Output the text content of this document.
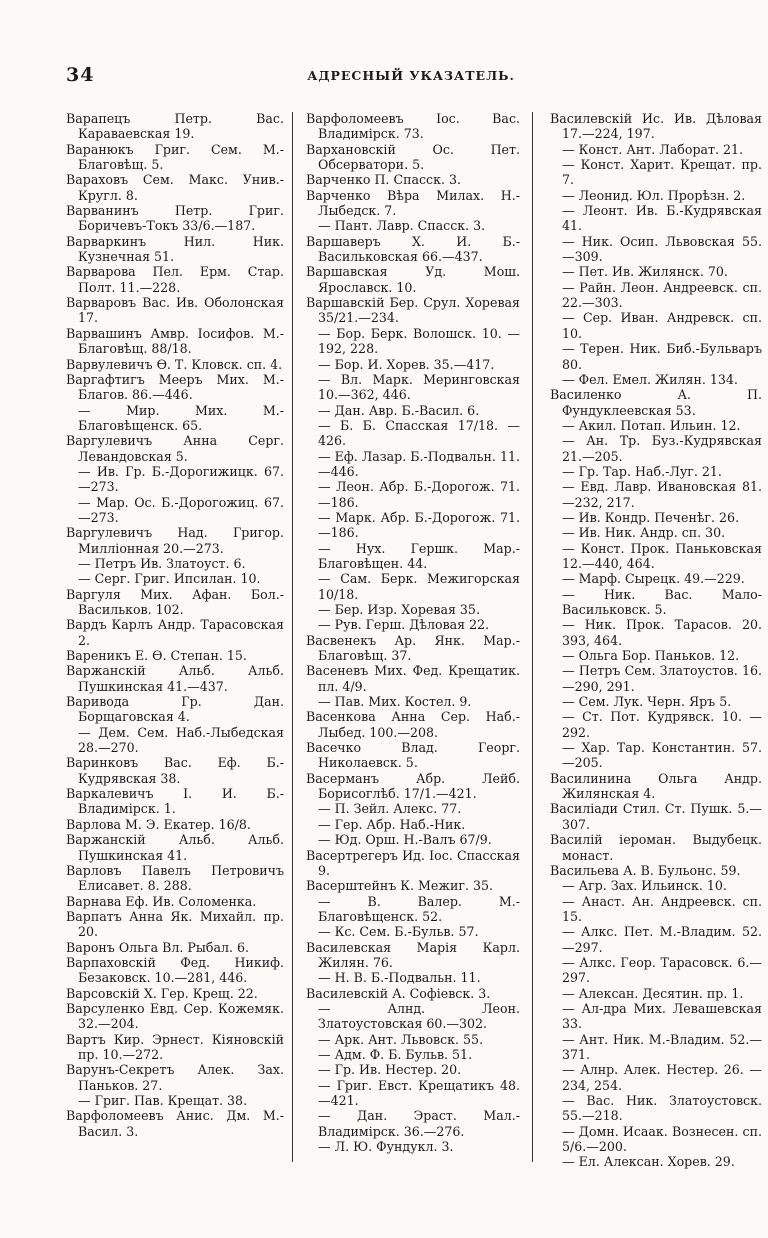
34	АДРЕСНЫЙ УКАЗАТЕЛЬ.

Варапецъ Петр. Вас. Караваевская 19.

Варанюкъ Григ. Сем. М.-Благовѣщ. 5.

Вараховъ Сем. Макс. Унив.-Кругл. 8.

Варванинъ Петр. Григ. Боричевъ-Токъ 33/6.—187.

Варваркинъ Нил. Ник. Кузнечная 51.

Варварова Пел. Ерм. Стар. Полт. 11.—228.

Варваровъ Вас. Ив. Оболонская 17.

Варвашинъ Амвр. Іосифов. М.-Благовѣщ. 88/18.

Варвулевичъ Ѳ. Т. Кловск. сп. 4.

Варгафтигъ Мееръ Мих. М.-Благов. 86.—446.

— Мир. Мих. М.-Благовѣщенск. 65.

Варгулевичъ Анна Серг. Левандовская 5.

— Ив. Гр. Б.-Дорогижицк. 67.—273.

— Мар. Ос. Б.-Дорогожиц. 67.—273.

Варгулевичъ Над. Григор. Милліонная 20.—273.

— Петръ Ив. Златоуст. 6.

— Серг. Григ. Ипсилан. 10.

Варгуля Мих. Афан. Бол.-Васильков. 102.

Вардъ Карлъ Андр. Тарасовская 2.

Вареникъ Е. Ѳ. Степан. 15.

Варжанскій Альб. Альб. Пушкинская 41.—437.

Варивода Гр. Дан. Борщаговская 4.

— Дем. Сем. Наб.-Лыбедская 28.—270.

Варинковъ Вас. Еф. Б.-Кудрявская 38.

Варкалевичъ І. И. Б.-Владимірск. 1.

Варлова М. Э. Екатер. 16/8.

Варжанскій Альб. Альб. Пушкинская 41.

Варловъ Павелъ Петровичъ Елисавет. 8. 288.

Варнава Еф. Ив. Соломенка.

Варпатъ Анна Як. Михайл. пр. 20.

Варонъ Ольга Вл. Рыбал. 6.

Варпаховскій Фед. Никиф. Безаковск. 10.—281, 446.

Варсовскій Х. Гер. Крещ. 22.

Варсуленко Евд. Сер. Кожемяк. 32.—204.

Вартъ Кир. Эрнест. Кіяновскій пр. 10.—272.

Варунъ-Секретъ Алек. Зах. Паньков. 27.

— Григ. Пав. Крещат. 38.

Варфоломеевъ Анис. Дм. М.-Васил. 3.

Варфоломеевъ Іос. Вас. Владимірск. 73.

Вархановскій Ос. Пет. Обсерватори. 5.

Варченко П. Спасск. 3.

Варченко Вѣра Милах. Н.-Лыбедск. 7.

— Пант. Лавр. Спасск. 3.

Варшаверъ Х. И. Б.-Васильковская 66.—437.

Варшавская Уд. Мош. Ярославск. 10.

Варшавскій Бер. Срул. Хоревая 35/21.—234.

— Бор. Берк. Волошск. 10. —192, 228.

— Бор. И. Хорев. 35.—417.

— Вл. Марк. Меринговская 10.—362, 446.

— Дан. Авр. Б.-Васил. 6.

— Б. Б. Спасская 17/18. —426.

— Еф. Лазар. Б.-Подвальн. 11.—446.

— Леон. Абр. Б.-Дорогож. 71.—186.

— Марк. Абр. Б.-Дорогож. 71.—186.

— Нух. Гершк. Мар.-Благовѣщен. 44.

— Сам. Берк. Межигорская 10/18.

— Бер. Изр. Хоревая 35.

— Рув. Герш. Дѣловая 22.

Васвенекъ Ар. Янк. Мар.-Благовѣщ. 37.

Васеневъ Мих. Фед. Крещатик. пл. 4/9.

— Пав. Мих. Костел. 9.

Васенкова Анна Сер. Наб.-Лыбед. 100.—208.

Васечко Влад. Георг. Николаевск. 5.

Васерманъ Абр. Лейб. Борисоглѣб. 17/1.—421.

— П. Зейл. Алекс. 77.

— Гер. Абр. Наб.-Ник.

— Юд. Орш. Н.-Валъ 67/9.

Васертрегеръ Ид. Іос. Спасская 9.

Васерштейнъ К. Межиг. 35.

— В. Валер. М.-Благовѣщенск. 52.

— Кс. Сем. Б.-Бульв. 57.

Василевская Марія Карл. Жилян. 76.

— Н. В. Б.-Подвальн. 11.

Василевскій А. Софіевск. 3.

— Алнд. Леон. Златоустовская 60.—302.

— Арк. Ант. Львовск. 55.

— Адм. Ф. Б. Бульв. 51.

— Гр. Ив. Нестер. 20.

— Григ. Евст. Крещатикъ 48.—421.

— Дан. Эраст. Мал.-Владимірск. 36.—276.

— Л. Ю. Фундукл. 3.

Василевскій Ис. Ив. Дѣловая 17.—224, 197.

— Конст. Ант. Лаборат. 21.

— Конст. Харит. Крещат. пр. 7.

— Леонид. Юл. Прорѣзн. 2.

— Леонт. Ив. Б.-Кудрявская 41.

— Ник. Осип. Львовская 55.—309.

— Пет. Ив. Жилянск. 70.

— Райн. Леон. Андреевск. сп. 22.—303.

— Сер. Иван. Андревск. сп. 10.

— Терен. Ник. Биб.-Бульваръ 80.

— Фел. Емел. Жилян. 134.

Василенко А. П. Фундуклеевская 53.

— Акил. Потап. Ильин. 12.

— Ан. Тр. Буз.-Кудрявская 21.—205.

— Гр. Тар. Наб.-Луг. 21.

— Евд. Лавр. Ивановская 81.—232, 217.

— Ив. Кондр. Печенѣг. 26.

— Ив. Ник. Андр. сп. 30.

— Конст. Прок. Паньковская 12.—440, 464.

— Марф. Сырецк. 49.—229.

— Ник. Вас. Мало-Васильковск. 5.

— Ник. Прок. Тарасов. 20. 393, 464.

— Ольга Бор. Паньков. 12.

— Петръ Сем. Златоустов. 16.—290, 291.

— Сем. Лук. Черн. Яръ 5.

— Ст. Пот. Кудрявск. 10. —292.

— Хар. Тар. Константин. 57.—205.

Василинина Ольга Андр. Жилянская 4.

Василіади Стил. Ст. Пушк. 5.—307.

Василій іероман. Выдубецк. монаст.

Васильева А. В. Бульонс. 59.

— Агр. Зах. Ильинск. 10.

— Анаст. Ан. Андреевск. сп. 15.

— Алкс. Пет. М.-Владим. 52.—297.

— Алкс. Геор. Тарасовск. 6.—297.

— Алексан. Десятин. пр. 1.

— Ал-дра Мих. Левашевская 33.

— Ант. Ник. М.-Владим. 52.—371.

— Алнр. Алек. Нестер. 26. —234, 254.

— Вас. Ник. Златоустовск. 55.—218.

— Домн. Исаак. Вознесен. сп. 5/6.—200.

— Ел. Алексан. Хорев. 29.
